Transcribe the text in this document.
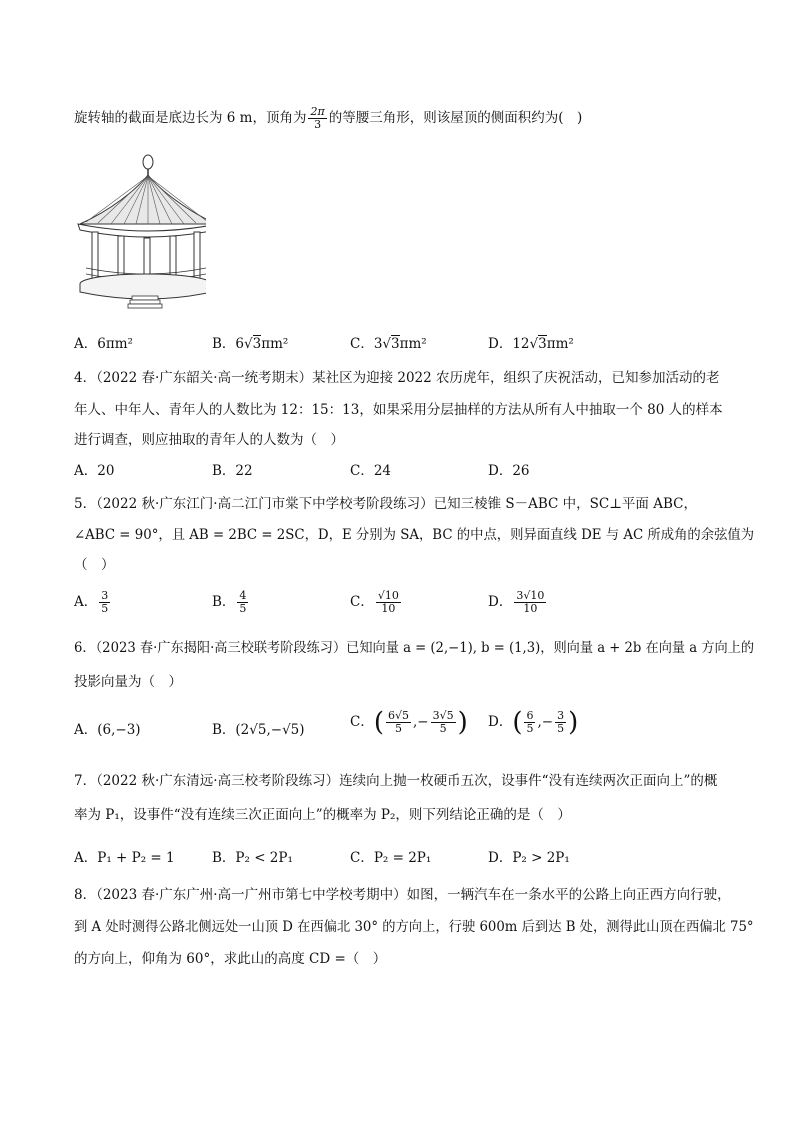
旋转轴的截面是底边长为 6 m，顶角为 $\frac{2\pi}{3}$ 的等腰三角形，则该屋顶的侧面积约为(　)
A．6πm²	B．6√3πm²	C．3√3πm²	D．12√3πm²
4．（2022 春·广东韶关·高一统考期末）某社区为迎接 2022 农历虎年，组织了庆祝活动，已知参加活动的老
年人、中年人、青年人的人数比为 12：15：13，如果采用分层抽样的方法从所有人中抽取一个 80 人的样本
进行调查，则应抽取的青年人的人数为（　）
A．20	B．22	C．24	D．26
5．（2022 秋·广东江门·高二江门市棠下中学校考阶段练习）已知三棱锥 S－ABC 中，SC⊥平面 ABC，
∠ABC = 90°，且 AB = 2BC = 2SC，D，E 分别为 SA，BC 的中点，则异面直线 DE 与 AC 所成角的余弦值为
（　）
A． $\frac{3}{5}$	B． $\frac{4}{5}$	C． $\frac{√10}{10}$	D． $\frac{3√10}{10}$
6．（2023 春·广东揭阳·高三校联考阶段练习）已知向量 a = (2,−1), b = (1,3)，则向量 a + 2b 在向量 a 方向上的
投影向量为（　）
A．(6,−3)	B．(2√5,−√5)	C．( $\frac{6√5}{5}$ ,− $\frac{3√5}{5}$ ) D．( $\frac{6}{5}$ ,− $\frac{3}{5}$ )
7．（2022 秋·广东清远·高三校考阶段练习）连续向上抛一枚硬币五次，设事件“没有连续两次正面向上”的概
率为 P₁，设事件“没有连续三次正面向上”的概率为 P₂，则下列结论正确的是（　）
A．P₁ + P₂ = 1	B．P₂ < 2P₁	C．P₂ = 2P₁	D．P₂ > 2P₁
8．（2023 春·广东广州·高一广州市第七中学校考期中）如图，一辆汽车在一条水平的公路上向正西方向行驶，
到 A 处时测得公路北侧远处一山顶 D 在西偏北 30° 的方向上，行驶 600m 后到达 B 处，测得此山顶在西偏北 75°
的方向上，仰角为 60°，求此山的高度 CD =（　）
